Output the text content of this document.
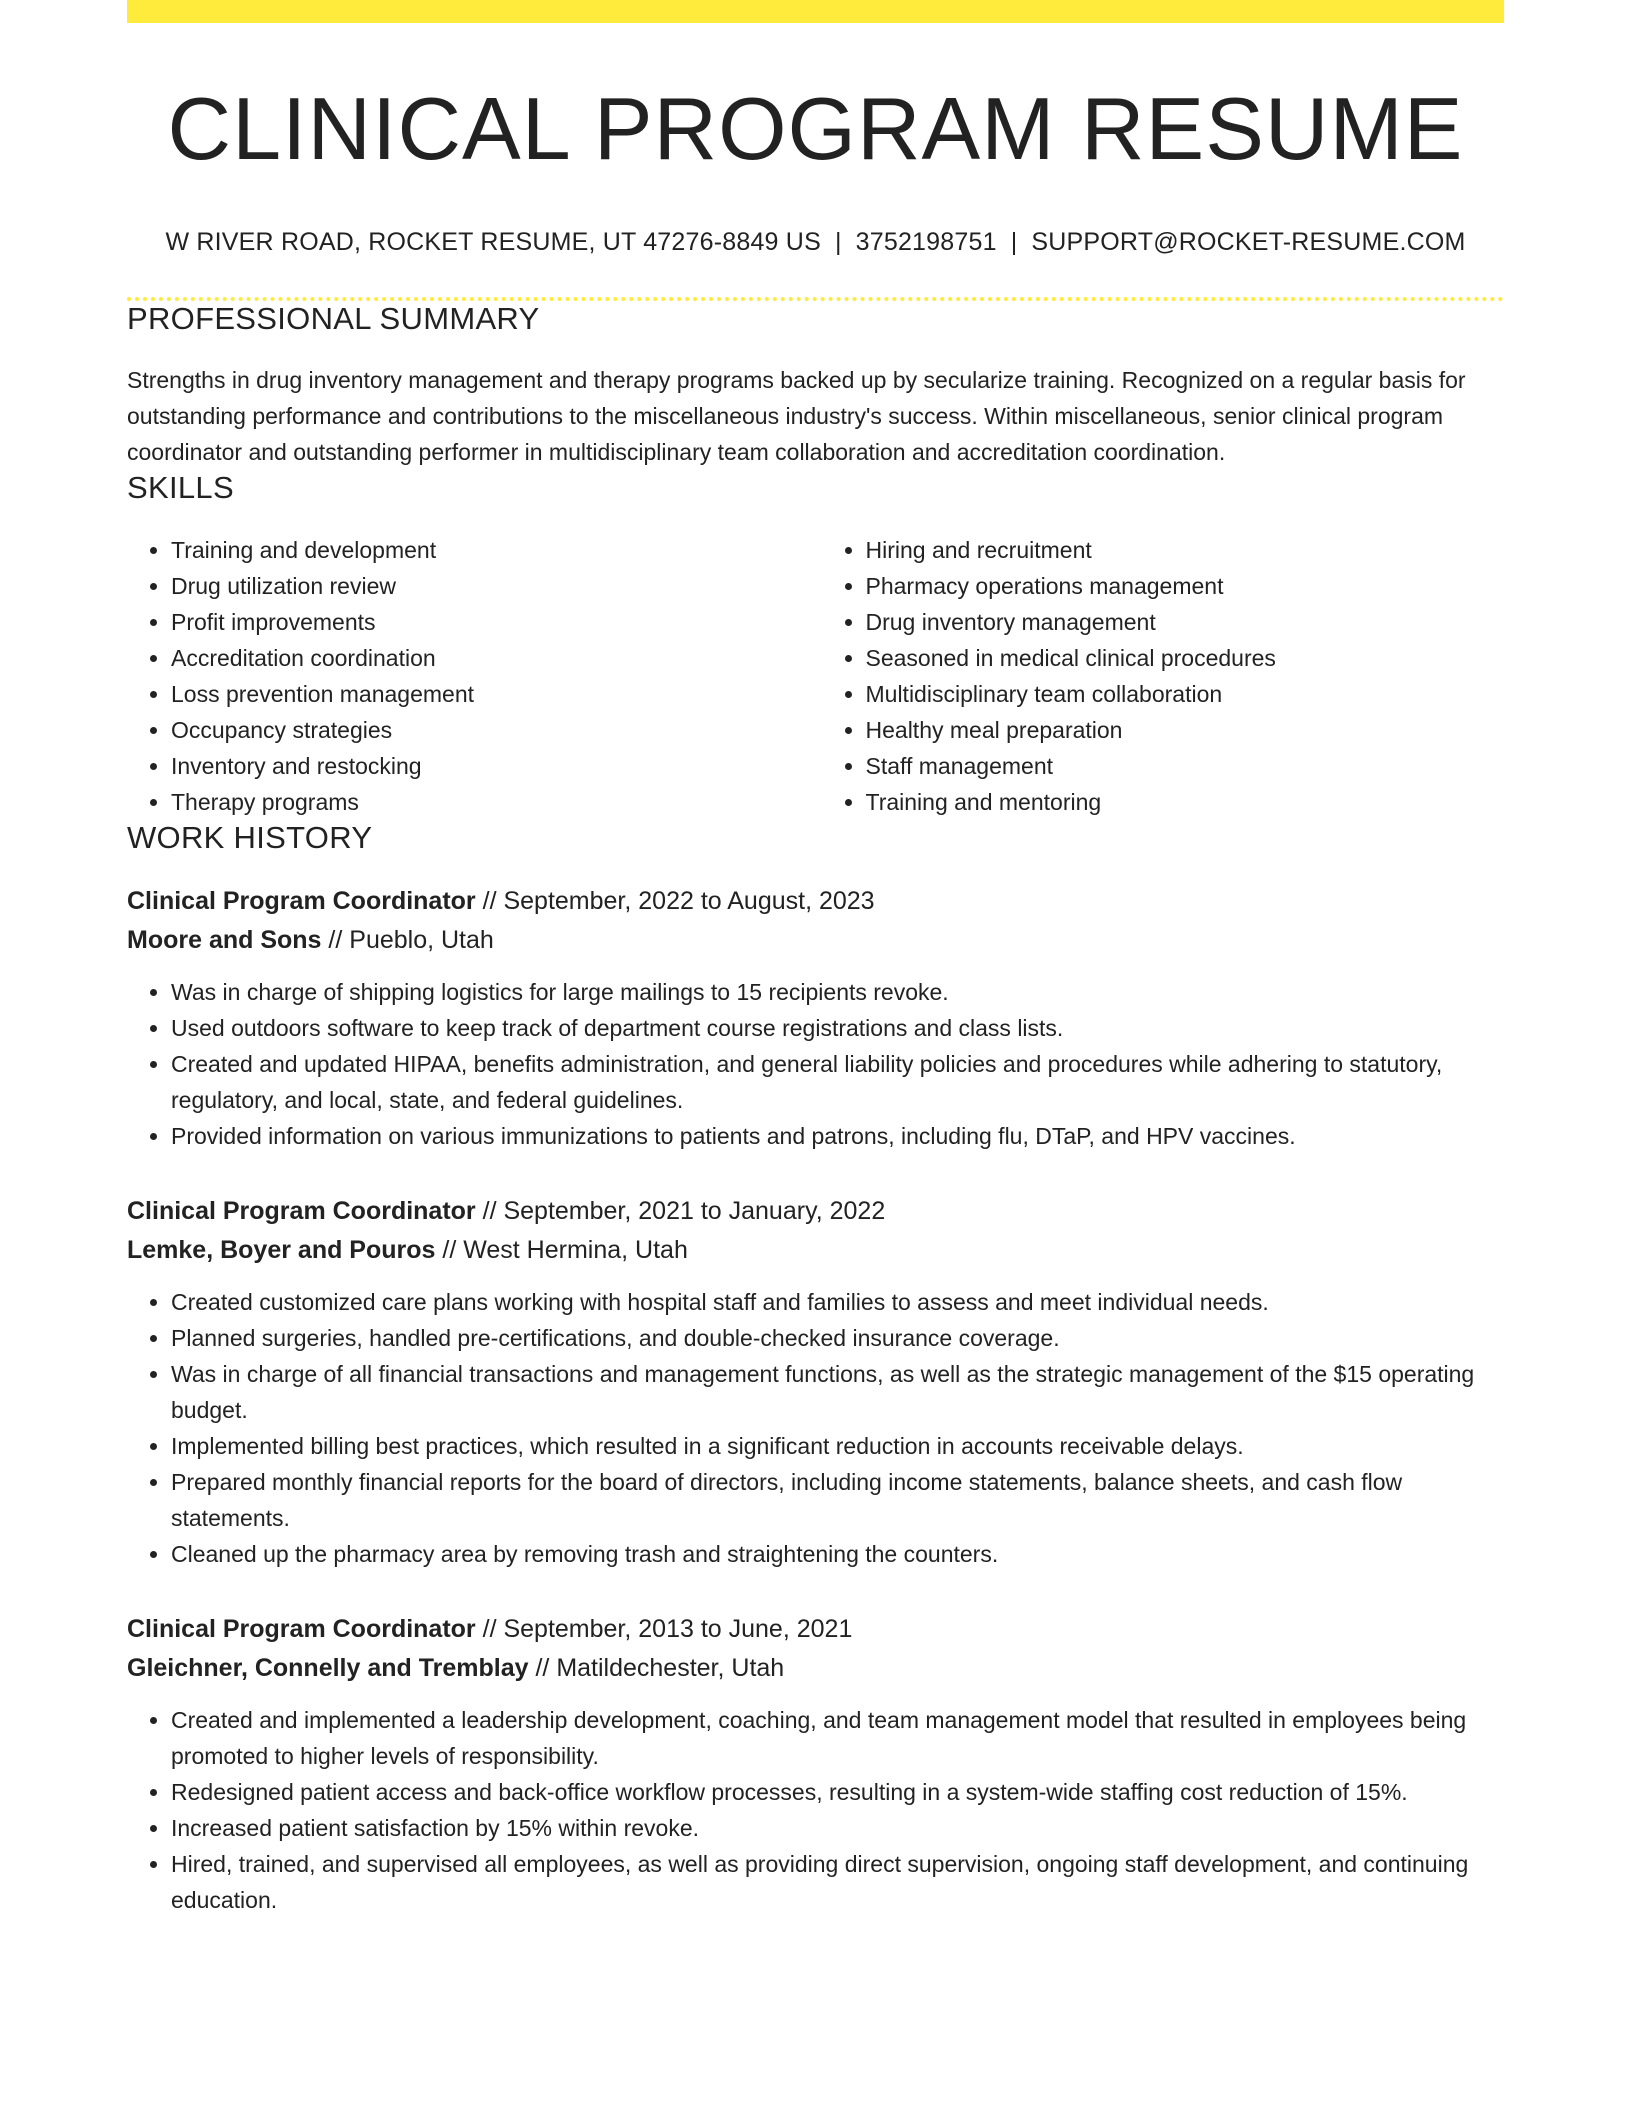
CLINICAL PROGRAM RESUME
W RIVER ROAD, ROCKET RESUME, UT 47276-8849 US | 3752198751 | SUPPORT@ROCKET-RESUME.COM
PROFESSIONAL SUMMARY

Strengths in drug inventory management and therapy programs backed up by secularize training. Recognized on a regular basis for outstanding performance and contributions to the miscellaneous industry's success. Within miscellaneous, senior clinical program coordinator and outstanding performer in multidisciplinary team collaboration and accreditation coordination.

SKILLS
• Training and development
• Drug utilization review
• Profit improvements
• Accreditation coordination
• Loss prevention management
• Occupancy strategies
• Inventory and restocking
• Therapy programs
• Hiring and recruitment
• Pharmacy operations management
• Drug inventory management
• Seasoned in medical clinical procedures
• Multidisciplinary team collaboration
• Healthy meal preparation
• Staff management
• Training and mentoring
WORK HISTORY
Clinical Program Coordinator // September, 2022 to August, 2023
Moore and Sons // Pueblo, Utah
• Was in charge of shipping logistics for large mailings to 15 recipients revoke.
• Used outdoors software to keep track of department course registrations and class lists.
• Created and updated HIPAA, benefits administration, and general liability policies and procedures while adhering to statutory, regulatory, and local, state, and federal guidelines.
• Provided information on various immunizations to patients and patrons, including flu, DTaP, and HPV vaccines.
Clinical Program Coordinator // September, 2021 to January, 2022
Lemke, Boyer and Pouros // West Hermina, Utah
• Created customized care plans working with hospital staff and families to assess and meet individual needs.
• Planned surgeries, handled pre-certifications, and double-checked insurance coverage.
• Was in charge of all financial transactions and management functions, as well as the strategic management of the $15 operating budget.
• Implemented billing best practices, which resulted in a significant reduction in accounts receivable delays.
• Prepared monthly financial reports for the board of directors, including income statements, balance sheets, and cash flow statements.
• Cleaned up the pharmacy area by removing trash and straightening the counters.
Clinical Program Coordinator // September, 2013 to June, 2021
Gleichner, Connelly and Tremblay // Matildechester, Utah
• Created and implemented a leadership development, coaching, and team management model that resulted in employees being promoted to higher levels of responsibility.
• Redesigned patient access and back-office workflow processes, resulting in a system-wide staffing cost reduction of 15%.
• Increased patient satisfaction by 15% within revoke.
• Hired, trained, and supervised all employees, as well as providing direct supervision, ongoing staff development, and continuing education.
